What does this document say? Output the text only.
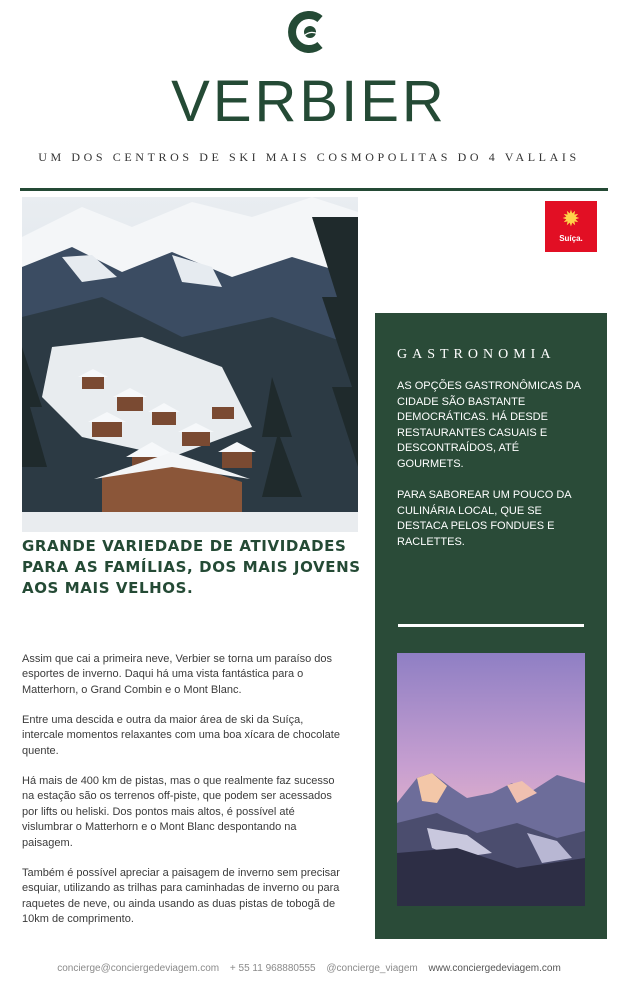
VERBIER
UM DOS CENTROS DE SKI MAIS COSMOPOLITAS DO 4 VALLAIS
✹
Suíça.
GRANDE VARIEDADE DE ATIVIDADES PARA AS FAMÍLIAS, DOS MAIS JOVENS AOS MAIS VELHOS.

Assim que cai a primeira neve, Verbier se torna um paraíso dos esportes de inverno. Daqui há uma vista fantástica para o Matterhorn, o Grand Combin e o Mont Blanc.

Entre uma descida e outra da maior área de ski da Suíça, intercale momentos relaxantes com uma boa xícara de chocolate quente.

Há mais de 400 km de pistas, mas o que realmente faz sucesso na estação são os terrenos off-piste, que podem ser acessados por lifts ou heliski. Dos pontos mais altos, é possível até vislumbrar o Matterhorn e o Mont Blanc despontando na paisagem.

Também é possível apreciar a paisagem de inverno sem precisar esquiar, utilizando as trilhas para caminhadas de inverno ou para raquetes de neve, ou ainda usando as duas pistas de tobogã de 10km de comprimento.

GASTRONOMIA

AS OPÇÕES GASTRONÔMICAS DA CIDADE SÃO BASTANTE DEMOCRÁTICAS. HÁ DESDE RESTAURANTES CASUAIS E DESCONTRAÍDOS, ATÉ GOURMETS.

PARA SABOREAR UM POUCO DA CULINÁRIA LOCAL, QUE SE DESTACA PELOS FONDUES E RACLETTES.

concierge@conciergedeviagem.com + 55 11 968880555 @concierge_viagem www.conciergedeviagem.com
